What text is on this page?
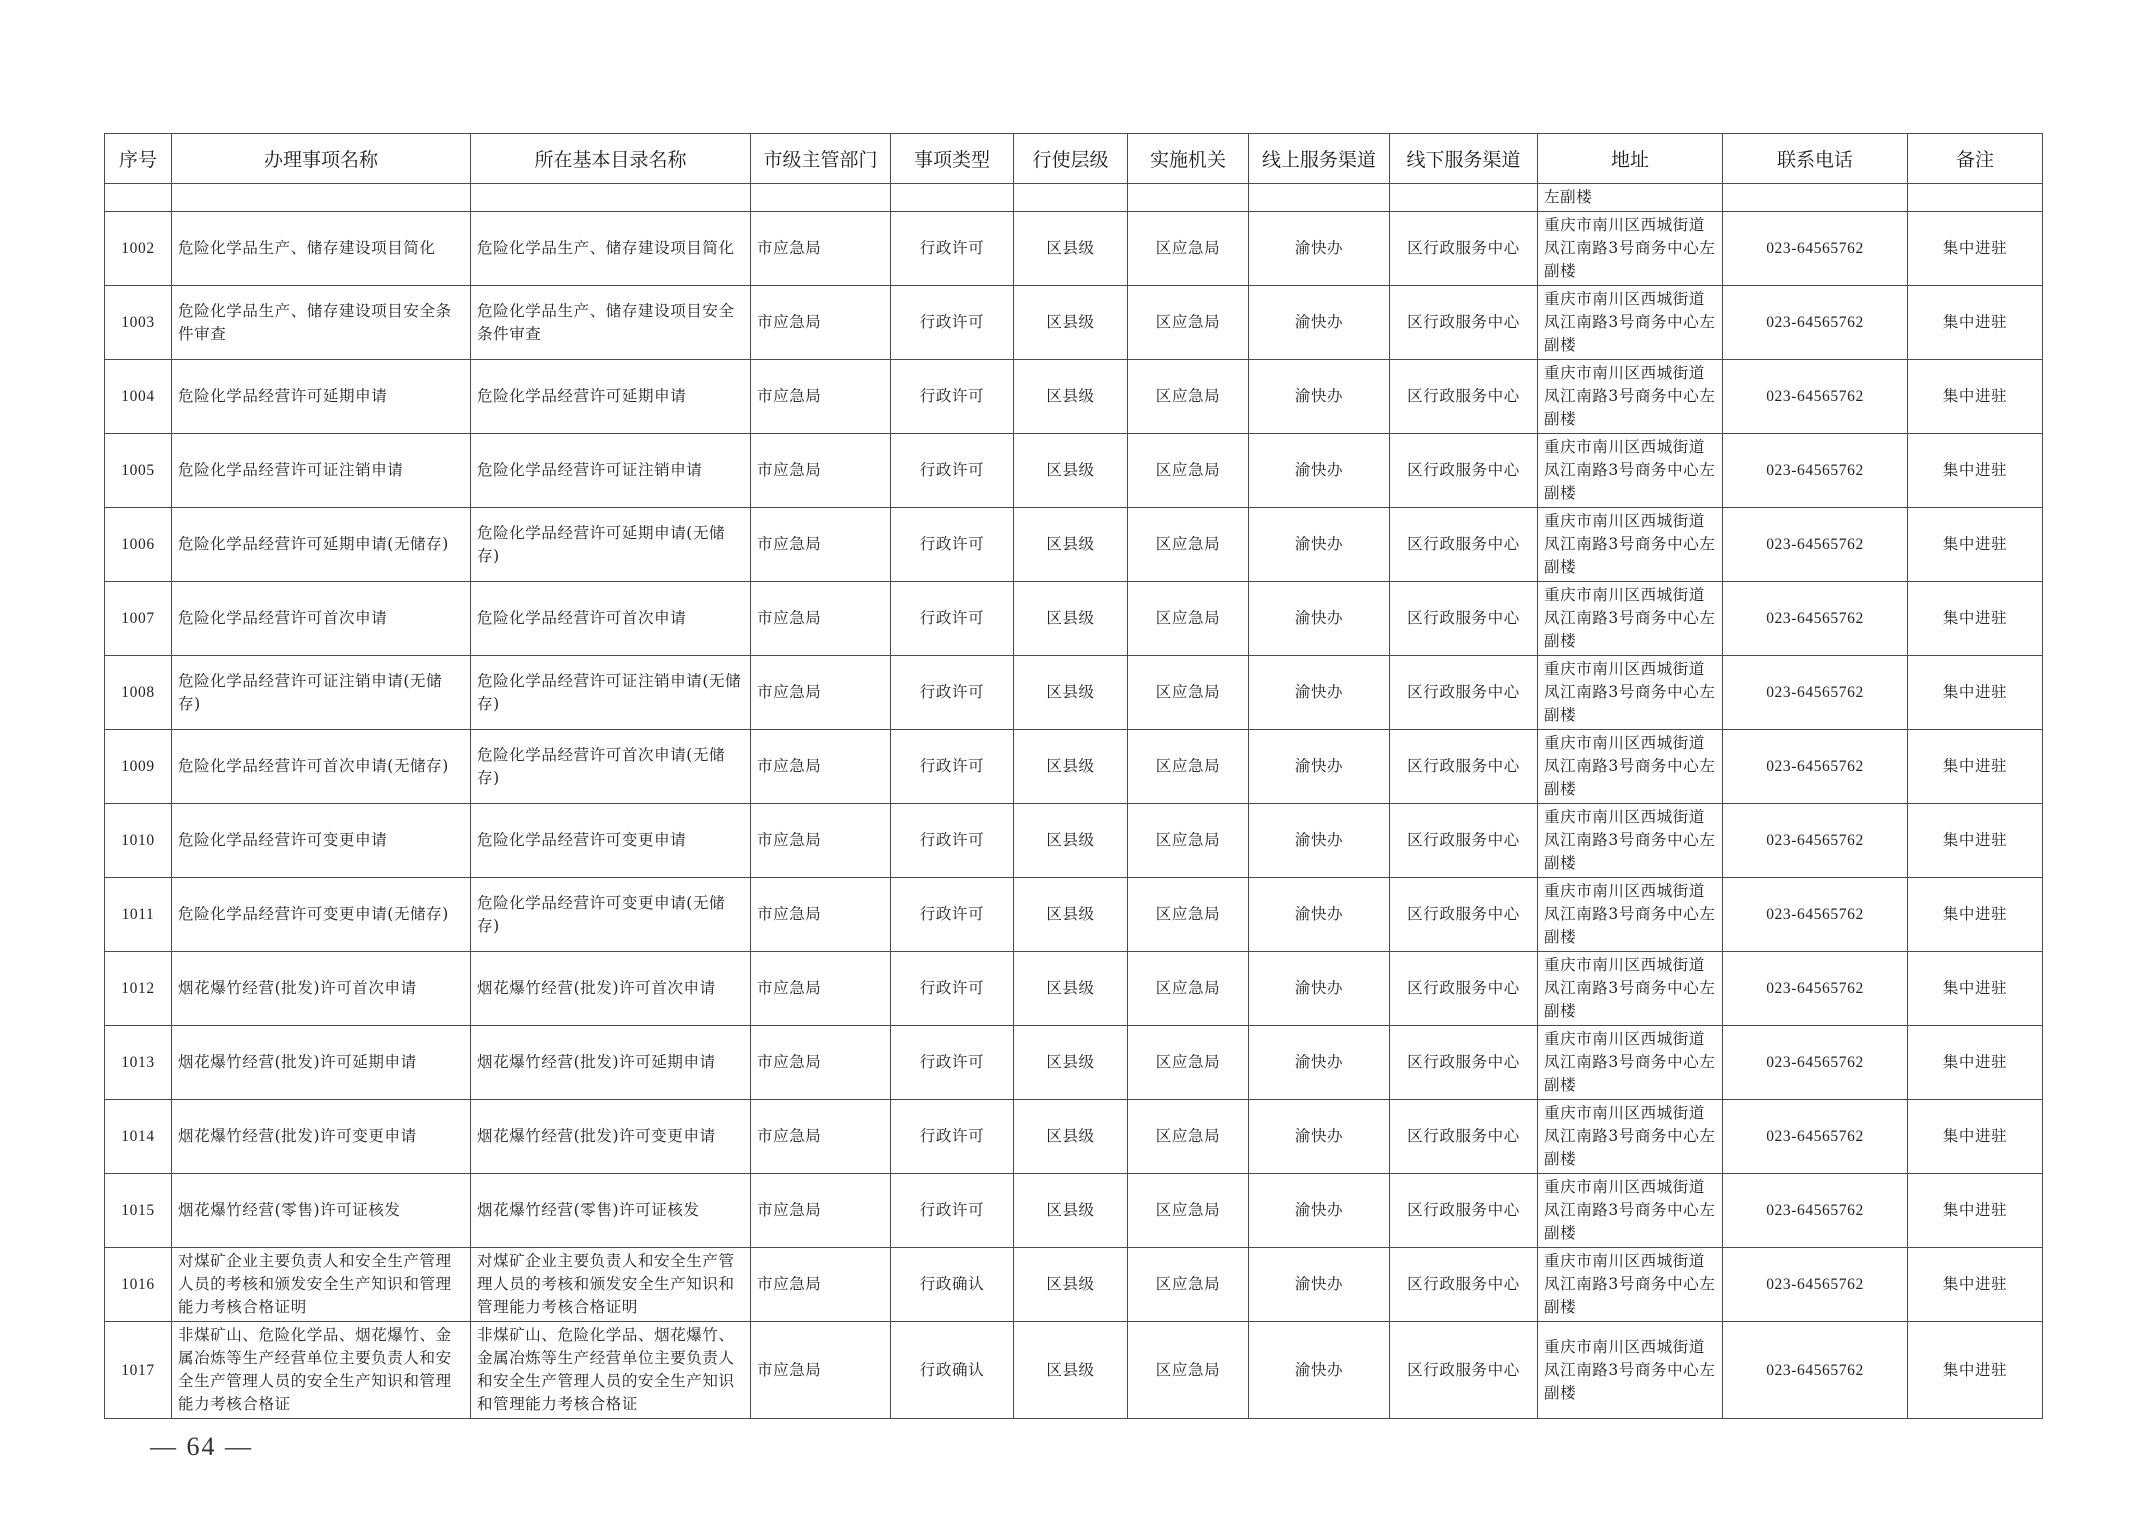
序号	办理事项名称	所在基本目录名称	市级主管部门	事项类型	行使层级	实施机关	线上服务渠道	线下服务渠道	地址	联系电话	备注
									左副楼		
1002	危险化学品生产、储存建设项目简化	危险化学品生产、储存建设项目简化	市应急局	行政许可	区县级	区应急局	渝快办	区行政服务中心	重庆市南川区西城街道凤江南路3号商务中心左副楼	023-64565762	集中进驻
1003	危险化学品生产、储存建设项目安全条件审查	危险化学品生产、储存建设项目安全条件审查	市应急局	行政许可	区县级	区应急局	渝快办	区行政服务中心	重庆市南川区西城街道凤江南路3号商务中心左副楼	023-64565762	集中进驻
1004	危险化学品经营许可延期申请	危险化学品经营许可延期申请	市应急局	行政许可	区县级	区应急局	渝快办	区行政服务中心	重庆市南川区西城街道凤江南路3号商务中心左副楼	023-64565762	集中进驻
1005	危险化学品经营许可证注销申请	危险化学品经营许可证注销申请	市应急局	行政许可	区县级	区应急局	渝快办	区行政服务中心	重庆市南川区西城街道凤江南路3号商务中心左副楼	023-64565762	集中进驻
1006	危险化学品经营许可延期申请(无储存)	危险化学品经营许可延期申请(无储存)	市应急局	行政许可	区县级	区应急局	渝快办	区行政服务中心	重庆市南川区西城街道凤江南路3号商务中心左副楼	023-64565762	集中进驻
1007	危险化学品经营许可首次申请	危险化学品经营许可首次申请	市应急局	行政许可	区县级	区应急局	渝快办	区行政服务中心	重庆市南川区西城街道凤江南路3号商务中心左副楼	023-64565762	集中进驻
1008	危险化学品经营许可证注销申请(无储存)	危险化学品经营许可证注销申请(无储存)	市应急局	行政许可	区县级	区应急局	渝快办	区行政服务中心	重庆市南川区西城街道凤江南路3号商务中心左副楼	023-64565762	集中进驻
1009	危险化学品经营许可首次申请(无储存)	危险化学品经营许可首次申请(无储存)	市应急局	行政许可	区县级	区应急局	渝快办	区行政服务中心	重庆市南川区西城街道凤江南路3号商务中心左副楼	023-64565762	集中进驻
1010	危险化学品经营许可变更申请	危险化学品经营许可变更申请	市应急局	行政许可	区县级	区应急局	渝快办	区行政服务中心	重庆市南川区西城街道凤江南路3号商务中心左副楼	023-64565762	集中进驻
1011	危险化学品经营许可变更申请(无储存)	危险化学品经营许可变更申请(无储存)	市应急局	行政许可	区县级	区应急局	渝快办	区行政服务中心	重庆市南川区西城街道凤江南路3号商务中心左副楼	023-64565762	集中进驻
1012	烟花爆竹经营(批发)许可首次申请	烟花爆竹经营(批发)许可首次申请	市应急局	行政许可	区县级	区应急局	渝快办	区行政服务中心	重庆市南川区西城街道凤江南路3号商务中心左副楼	023-64565762	集中进驻
1013	烟花爆竹经营(批发)许可延期申请	烟花爆竹经营(批发)许可延期申请	市应急局	行政许可	区县级	区应急局	渝快办	区行政服务中心	重庆市南川区西城街道凤江南路3号商务中心左副楼	023-64565762	集中进驻
1014	烟花爆竹经营(批发)许可变更申请	烟花爆竹经营(批发)许可变更申请	市应急局	行政许可	区县级	区应急局	渝快办	区行政服务中心	重庆市南川区西城街道凤江南路3号商务中心左副楼	023-64565762	集中进驻
1015	烟花爆竹经营(零售)许可证核发	烟花爆竹经营(零售)许可证核发	市应急局	行政许可	区县级	区应急局	渝快办	区行政服务中心	重庆市南川区西城街道凤江南路3号商务中心左副楼	023-64565762	集中进驻
1016	对煤矿企业主要负责人和安全生产管理人员的考核和颁发安全生产知识和管理能力考核合格证明	对煤矿企业主要负责人和安全生产管理人员的考核和颁发安全生产知识和管理能力考核合格证明	市应急局	行政确认	区县级	区应急局	渝快办	区行政服务中心	重庆市南川区西城街道凤江南路3号商务中心左副楼	023-64565762	集中进驻
1017	非煤矿山、危险化学品、烟花爆竹、金属冶炼等生产经营单位主要负责人和安全生产管理人员的安全生产知识和管理能力考核合格证	非煤矿山、危险化学品、烟花爆竹、金属冶炼等生产经营单位主要负责人和安全生产管理人员的安全生产知识和管理能力考核合格证	市应急局	行政确认	区县级	区应急局	渝快办	区行政服务中心	重庆市南川区西城街道凤江南路3号商务中心左副楼	023-64565762	集中进驻
— 64 —
